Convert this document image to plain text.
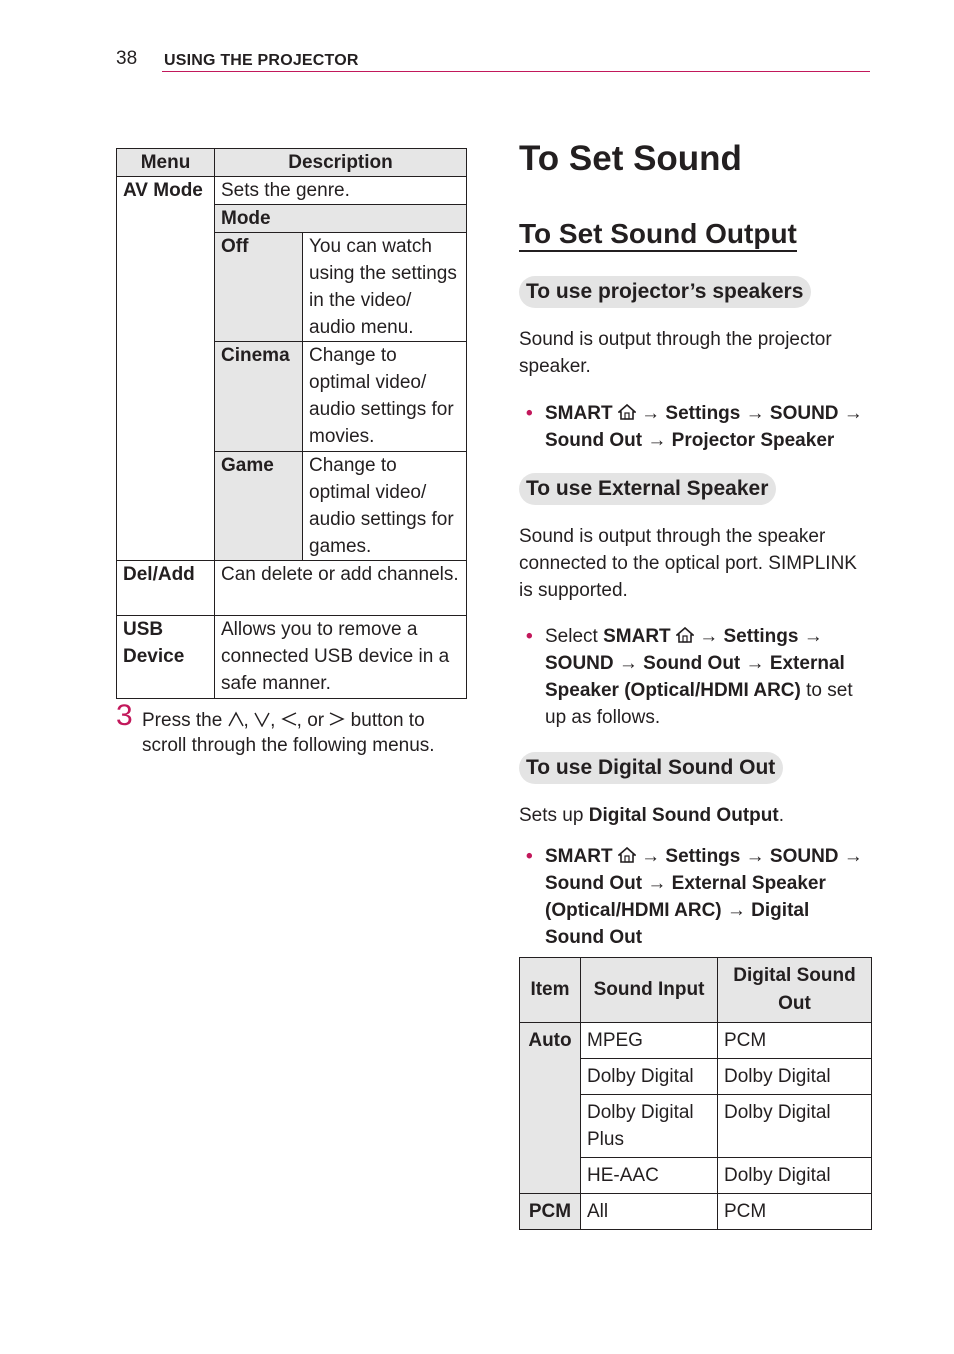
38 USING THE PROJECTOR
Menu	Description	
AV Mode	Sets the genre.	
	Mode	
	Off	You can watch using the settings in the video/ audio menu.
	Cinema	Change to optimal video/ audio settings for movies.
	Game	Change to optimal video/ audio settings for games.
Del/Add	Can delete or add channels.	
USB Device	Allows you to remove a connected USB device in a safe manner.	
3 Press the , , , or  button to scroll through the following menus.
To Set Sound
To Set Sound Output
To use projector’s speakers
Sound is output through the projector speaker.
• SMART → Settings → SOUND → Sound Out → Projector Speaker
To use External Speaker
Sound is output through the speaker connected to the optical port. SIMPLINK is supported.
• Select SMART → Settings → SOUND → Sound Out → External Speaker (Optical/HDMI ARC) to set up as follows.
To use Digital Sound Out
Sets up Digital Sound Output.
• SMART → Settings → SOUND → Sound Out → External Speaker (Optical/HDMI ARC) → Digital Sound Out
Item	Sound Input	Digital Sound Out
Auto	MPEG	PCM
	Dolby Digital	Dolby Digital
	Dolby Digital Plus	Dolby Digital
	HE-AAC	Dolby Digital
PCM	All	PCM
